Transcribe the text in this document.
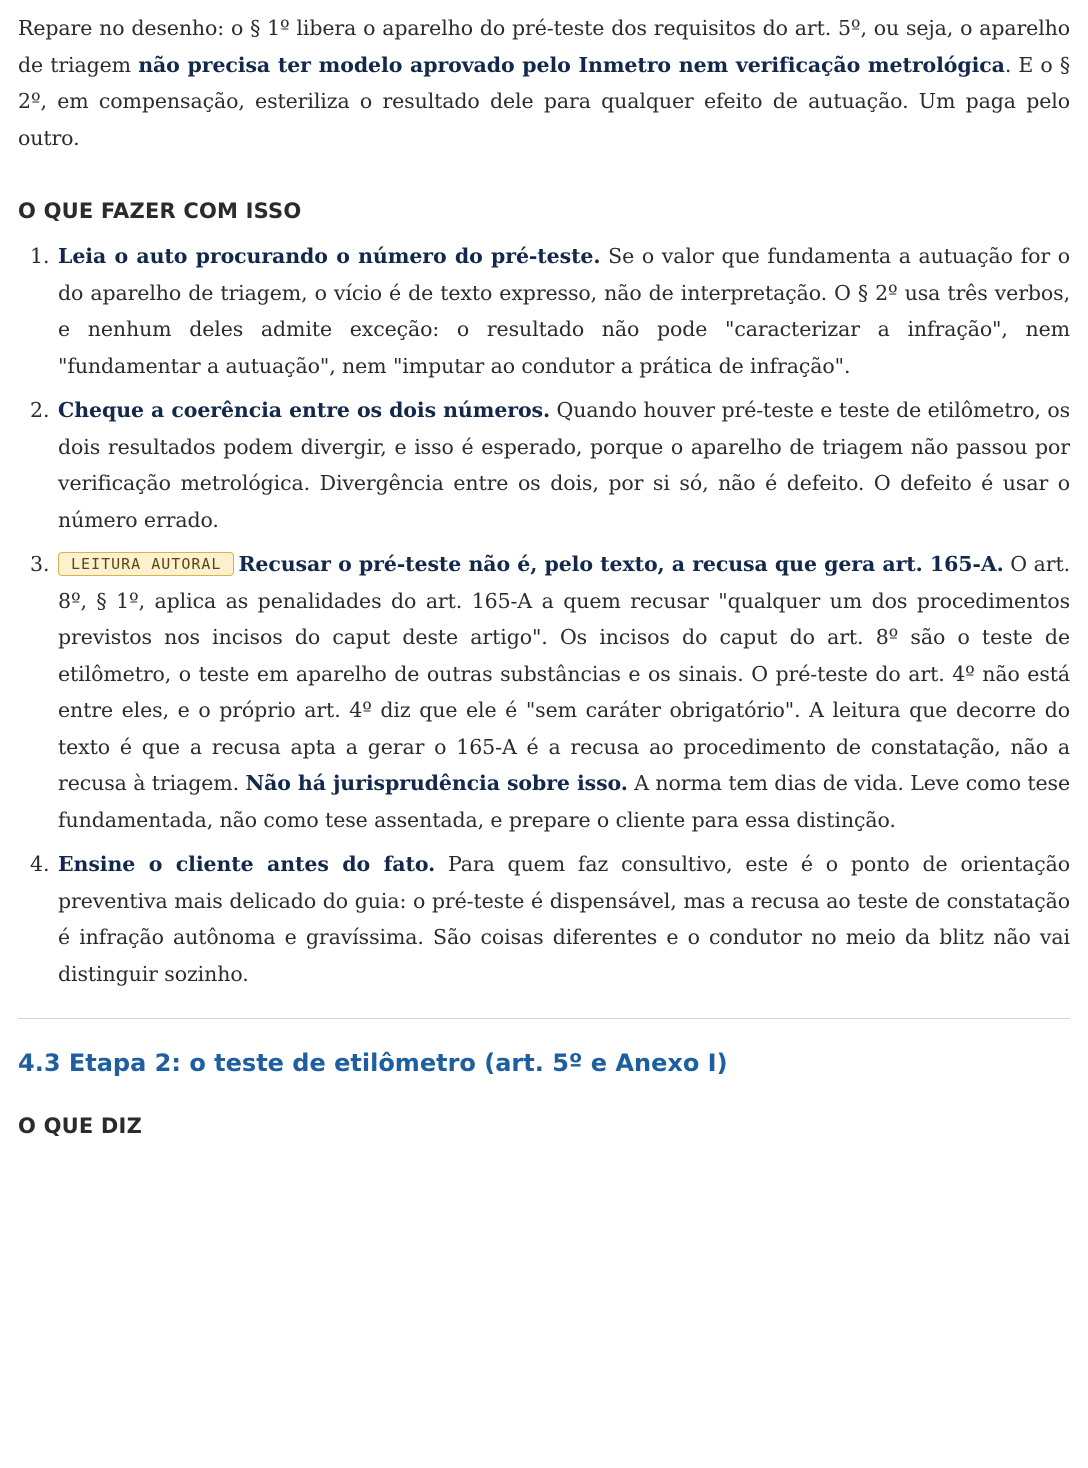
Repare no desenho: o § 1º libera o aparelho do pré-teste dos requisitos do art. 5º, ou seja, o aparelho de triagem não precisa ter modelo aprovado pelo Inmetro nem verificação metrológica. E o § 2º, em compensação, esteriliza o resultado dele para qualquer efeito de autuação. Um paga pelo outro.

O QUE FAZER COM ISSO
1. Leia o auto procurando o número do pré-teste. Se o valor que fundamenta a autuação for o do aparelho de triagem, o vício é de texto expresso, não de interpretação. O § 2º usa três verbos, e nenhum deles admite exceção: o resultado não pode "caracterizar a infração", nem "fundamentar a autuação", nem "imputar ao condutor a prática de infração".
2. Cheque a coerência entre os dois números. Quando houver pré-teste e teste de etilômetro, os dois resultados podem divergir, e isso é esperado, porque o aparelho de triagem não passou por verificação metrológica. Divergência entre os dois, por si só, não é defeito. O defeito é usar o número errado.
3. LEITURA AUTORAL Recusar o pré-teste não é, pelo texto, a recusa que gera art. 165-A. O art. 8º, § 1º, aplica as penalidades do art. 165-A a quem recusar "qualquer um dos procedimentos previstos nos incisos do caput deste artigo". Os incisos do caput do art. 8º são o teste de etilômetro, o teste em aparelho de outras substâncias e os sinais. O pré-teste do art. 4º não está entre eles, e o próprio art. 4º diz que ele é "sem caráter obrigatório". A leitura que decorre do texto é que a recusa apta a gerar o 165-A é a recusa ao procedimento de constatação, não a recusa à triagem. Não há jurisprudência sobre isso. A norma tem dias de vida. Leve como tese fundamentada, não como tese assentada, e prepare o cliente para essa distinção.
4. Ensine o cliente antes do fato. Para quem faz consultivo, este é o ponto de orientação preventiva mais delicado do guia: o pré-teste é dispensável, mas a recusa ao teste de constatação é infração autônoma e gravíssima. São coisas diferentes e o condutor no meio da blitz não vai distinguir sozinho.
4.3 Etapa 2: o teste de etilômetro (art. 5º e Anexo I)
O QUE DIZ
